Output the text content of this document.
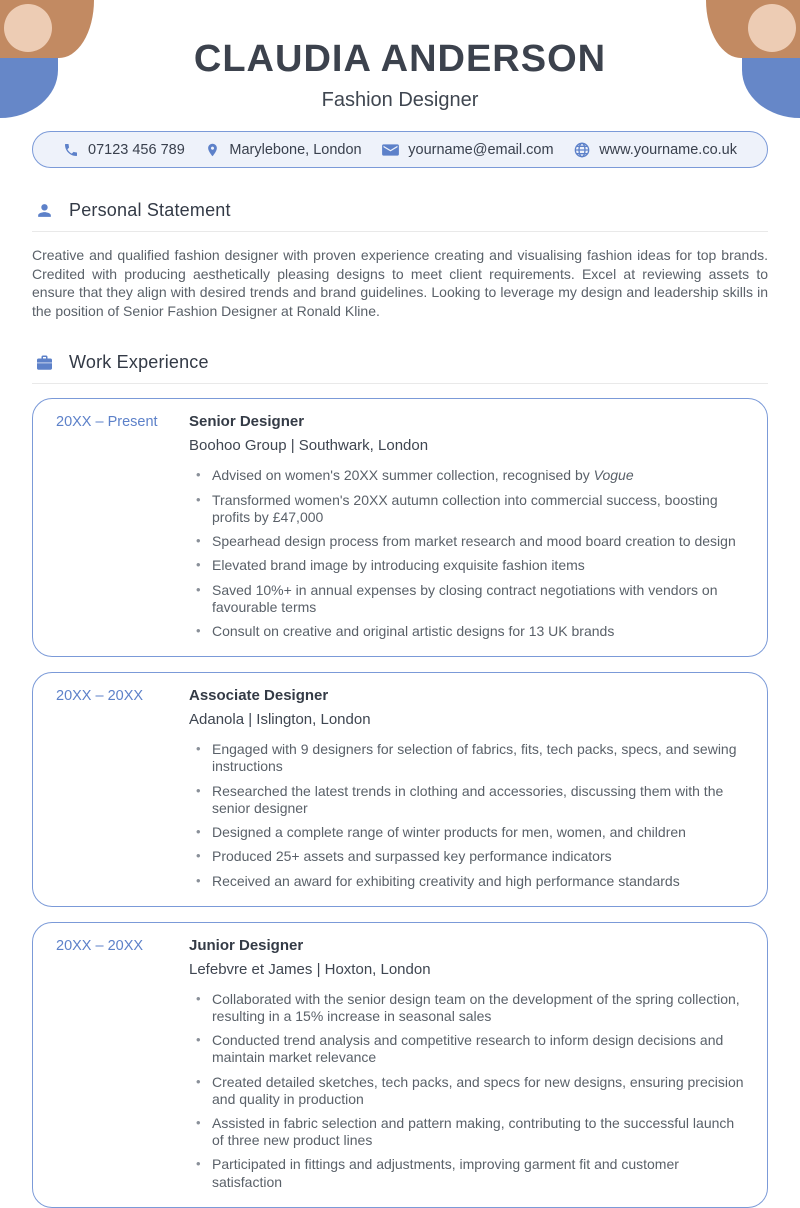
CLAUDIA ANDERSON
Fashion Designer
07123 456 789	Marylebone, London	yourname@email.com	www.yourname.co.uk
Personal Statement

Creative and qualified fashion designer with proven experience creating and visualising fashion ideas for top brands. Credited with producing aesthetically pleasing designs to meet client requirements. Excel at reviewing assets to ensure that they align with desired trends and brand guidelines. Looking to leverage my design and leadership skills in the position of Senior Fashion Designer at Ronald Kline.

Work Experience
20XX – Present	Senior Designer
Boohoo Group | Southwark, London
• Advised on women's 20XX summer collection, recognised by Vogue
• Transformed women's 20XX autumn collection into commercial success, boosting profits by £47,000
• Spearhead design process from market research and mood board creation to design
• Elevated brand image by introducing exquisite fashion items
• Saved 10%+ in annual expenses by closing contract negotiations with vendors on favourable terms
• Consult on creative and original artistic designs for 13 UK brands
20XX – 20XX	Associate Designer
Adanola | Islington, London
• Engaged with 9 designers for selection of fabrics, fits, tech packs, specs, and sewing instructions
• Researched the latest trends in clothing and accessories, discussing them with the senior designer
• Designed a complete range of winter products for men, women, and children
• Produced 25+ assets and surpassed key performance indicators
• Received an award for exhibiting creativity and high performance standards
20XX – 20XX	Junior Designer
Lefebvre et James | Hoxton, London
• Collaborated with the senior design team on the development of the spring collection, resulting in a 15% increase in seasonal sales
• Conducted trend analysis and competitive research to inform design decisions and maintain market relevance
• Created detailed sketches, tech packs, and specs for new designs, ensuring precision and quality in production
• Assisted in fabric selection and pattern making, contributing to the successful launch of three new product lines
• Participated in fittings and adjustments, improving garment fit and customer satisfaction
